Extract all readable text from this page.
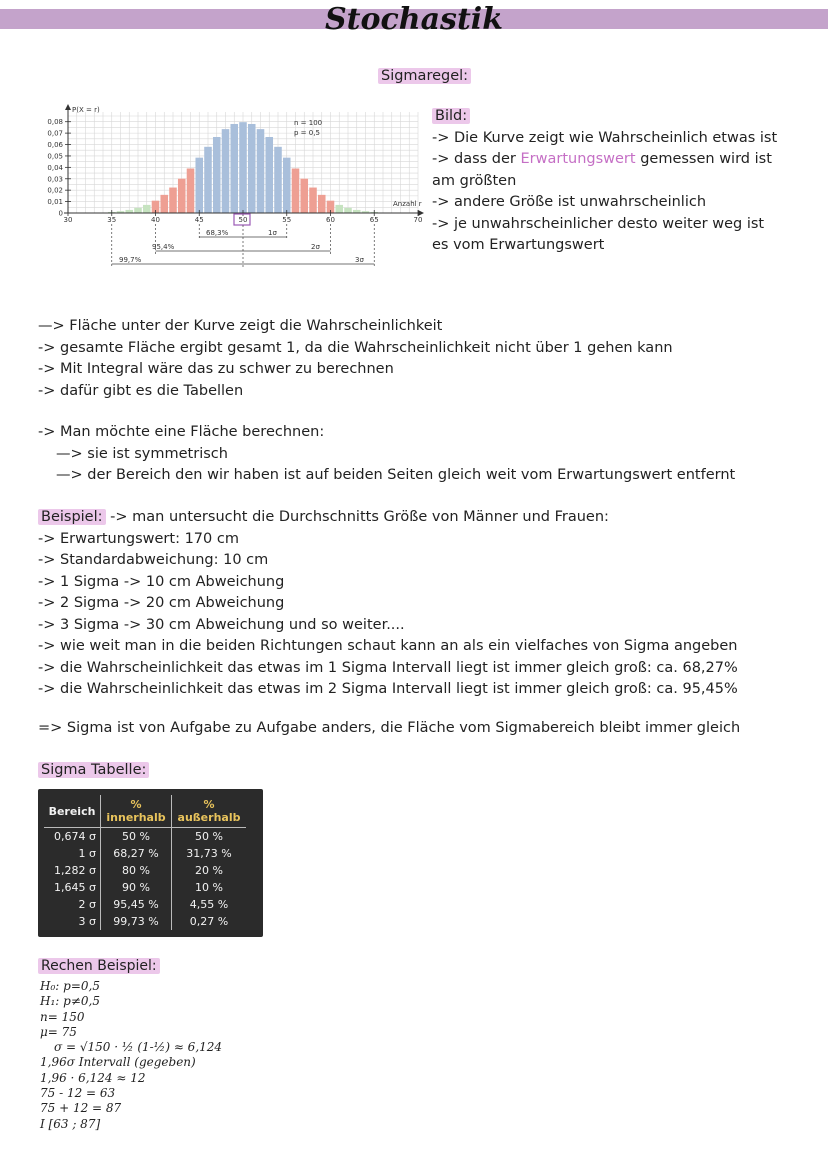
Stochastik
Sigmaregel:
0
0,01
0,02
0,03
0,04
0,05
0,06
0,07
0,08
30	35	40	45	50	55	60	65	70
P(X = r)
Anzahl r
n = 100
p = 0,5
68,3%	1σ
95,4%	2σ
99,7%	3σ
Bild:
-> Die Kurve zeigt wie Wahrscheinlich etwas ist
-> dass der Erwartungswert gemessen wird ist am größten
-> andere Größe ist unwahrscheinlich
-> je unwahrscheinlicher desto weiter weg ist es vom Erwartungswert
—> Fläche unter der Kurve zeigt die Wahrscheinlichkeit
-> gesamte Fläche ergibt gesamt 1, da die Wahrscheinlichkeit nicht über 1 gehen kann
-> Mit Integral wäre das zu schwer zu berechnen
-> dafür gibt es die Tabellen
-> Man möchte eine Fläche berechnen:
—> sie ist symmetrisch
—> der Bereich den wir haben ist auf beiden Seiten gleich weit vom Erwartungswert entfernt
Beispiel: -> man untersucht die Durchschnitts Größe von Männer und Frauen:
-> Erwartungswert: 170 cm
-> Standardabweichung: 10 cm
-> 1 Sigma -> 10 cm Abweichung
-> 2 Sigma -> 20 cm Abweichung
-> 3 Sigma -> 30 cm Abweichung und so weiter....
-> wie weit man in die beiden Richtungen schaut kann an als ein vielfaches von Sigma angeben
-> die Wahrscheinlichkeit das etwas im 1 Sigma Intervall liegt ist immer gleich groß: ca. 68,27%
-> die Wahrscheinlichkeit das etwas im 2 Sigma Intervall liegt ist immer gleich groß: ca. 95,45%
=> Sigma ist von Aufgabe zu Aufgabe anders, die Fläche vom Sigmabereich bleibt immer gleich
Sigma Tabelle:
Bereich	% innerhalb	% außerhalb
0,674 σ	50 %	50 %
1 σ	68,27 %	31,73 %
1,282 σ	80 %	20 %
1,645 σ	90 %	10 %
2 σ	95,45 %	4,55 %
3 σ	99,73 %	0,27 %
Rechen Beispiel:
H₀: p=0,5
H₁: p≠0,5
n= 150
μ= 75
σ = √150 · ½ (1-½) ≈ 6,124
1,96σ Intervall (gegeben)
1,96 · 6,124 ≈ 12
75 - 12 = 63
75 + 12 = 87
I [63 ; 87]
